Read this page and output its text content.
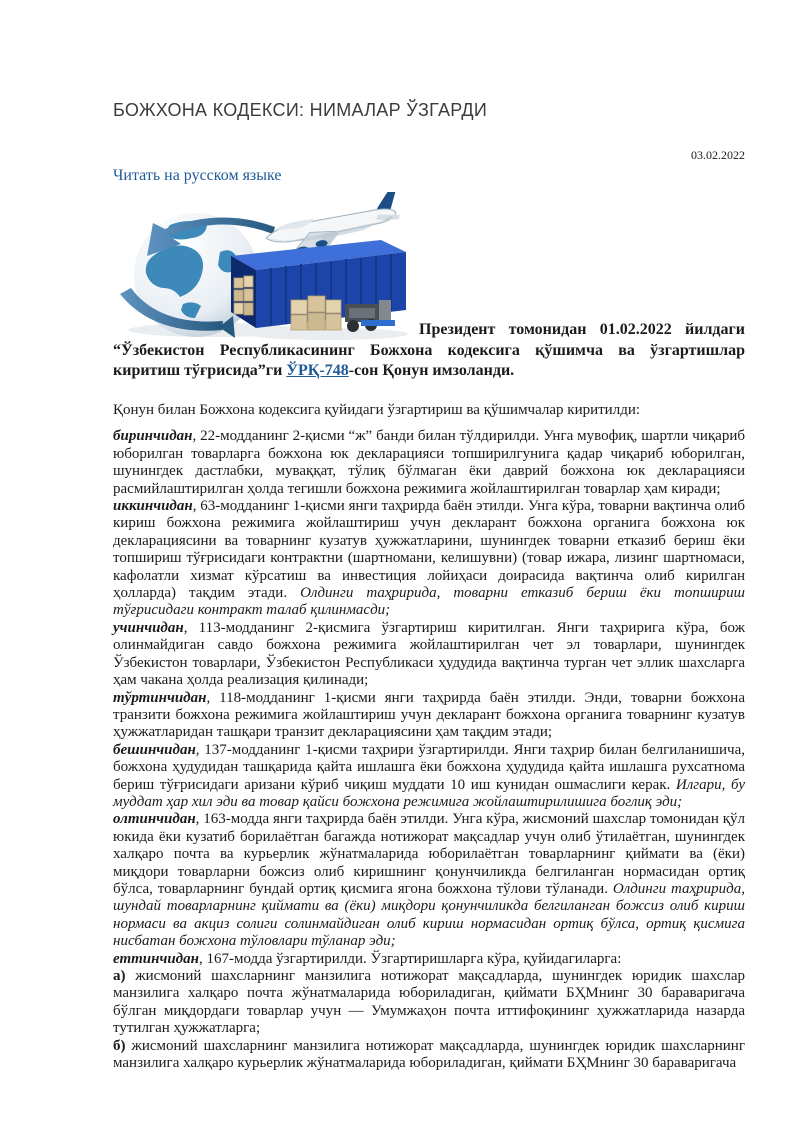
БОЖХОНА КОДЕКСИ: НИМАЛАР ЎЗГАРДИ
03.02.2022
Читать на русском языке

Президент томонидан 01.02.2022 йилдаги

“Ўзбекистон Республикасининг Божхона кодексига қўшимча ва ўзгартишлар киритиш тўғрисида”ги ЎРҚ-748-сон Қонун имзоланди.

Қонун билан Божхона кодексига қуйидаги ўзгартириш ва қўшимчалар киритилди:

биринчидан, 22-модданинг 2-қисми “ж” банди билан тўлдирилди. Унга мувофиқ, шартли чиқариб юборилган товарларга божхона юк декларацияси топширилгунига қадар чиқариб юборилган, шунингдек дастлабки, муваққат, тўлиқ бўлмаган ёки даврий божхона юк декларацияси расмийлаштирилган ҳолда тегишли божхона режимига жойлаштирилган товарлар ҳам киради;

иккинчидан, 63-модданинг 1-қисми янги таҳрирда баён этилди. Унга кўра, товарни вақтинча олиб кириш божхона режимига жойлаштириш учун декларант божхона органига божхона юк декларациясини ва товарнинг кузатув ҳужжатларини, шунингдек товарни етказиб бериш ёки топшириш тўғрисидаги контрактни (шартномани, келишувни) (товар ижара, лизинг шартномаси, кафолатли хизмат кўрсатиш ва инвестиция лойиҳаси доирасида вақтинча олиб кирилган ҳолларда) тақдим этади. Олдинги таҳририда, товарни етказиб бериш ёки топшириш тўғрисидаги контракт талаб қилинмасди;

учинчидан, 113-модданинг 2-қисмига ўзгартириш киритилган. Янги таҳририга кўра, бож олинмайдиган савдо божхона режимига жойлаштирилган чет эл товарлари, шунингдек Ўзбекистон товарлари, Ўзбекистон Республикаси ҳудудида вақтинча турган чет эллик шахсларга ҳам чакана ҳолда реализация қилинади;

тўртинчидан, 118-модданинг 1-қисми янги таҳрирда баён этилди. Энди, товарни божхона транзити божхона режимига жойлаштириш учун декларант божхона органига товарнинг кузатув ҳужжатларидан ташқари транзит декларациясини ҳам тақдим этади;

бешинчидан, 137-модданинг 1-қисми таҳрири ўзгартирилди. Янги таҳрир билан белгиланишича, божхона ҳудудидан ташқарида қайта ишлашга ёки божхона ҳудудида қайта ишлашга рухсатнома бериш тўғрисидаги аризани кўриб чиқиш муддати 10 иш кунидан ошмаслиги керак. Илгари, бу муддат ҳар хил эди ва товар қайси божхона режимига жойлаштирилишига боглиқ эди;

олтинчидан, 163-модда янги таҳрирда баён этилди. Унга кўра, жисмоний шахслар томонидан қўл юкида ёки кузатиб борилаётган багажда нотижорат мақсадлар учун олиб ўтилаётган, шунингдек халқаро почта ва курьерлик жўнатмаларида юборилаётган товарларнинг қиймати ва (ёки) миқдори товарларни божсиз олиб киришнинг қонунчиликда белгиланган нормасидан ортиқ бўлса, товарларнинг бундай ортиқ қисмига ягона божхона тўлови тўланади. Олдинги таҳририда, шундай товарларнинг қиймати ва (ёки) миқдори қонунчиликда белгиланган божсиз олиб кириш нормаси ва акциз солиги солинмайдиган олиб кириш нормасидан ортиқ бўлса, ортиқ қисмига нисбатан божхона тўловлари тўланар эди;

еттинчидан, 167-модда ўзгартирилди. Ўзгартиришларга кўра, қуйидагиларга:

а) жисмоний шахсларнинг манзилига нотижорат мақсадларда, шунингдек юридик шахслар манзилига халқаро почта жўнатмаларида юбориладиган, қиймати БҲМнинг 30 бараваригача бўлган миқдордаги товарлар учун — Умумжаҳон почта иттифоқининг ҳужжатларида назарда тутилган ҳужжатларга;

б) жисмоний шахсларнинг манзилига нотижорат мақсадларда, шунингдек юридик шахсларнинг манзилига халқаро курьерлик жўнатмаларида юбориладиган, қиймати БҲМнинг 30 бараваригача
